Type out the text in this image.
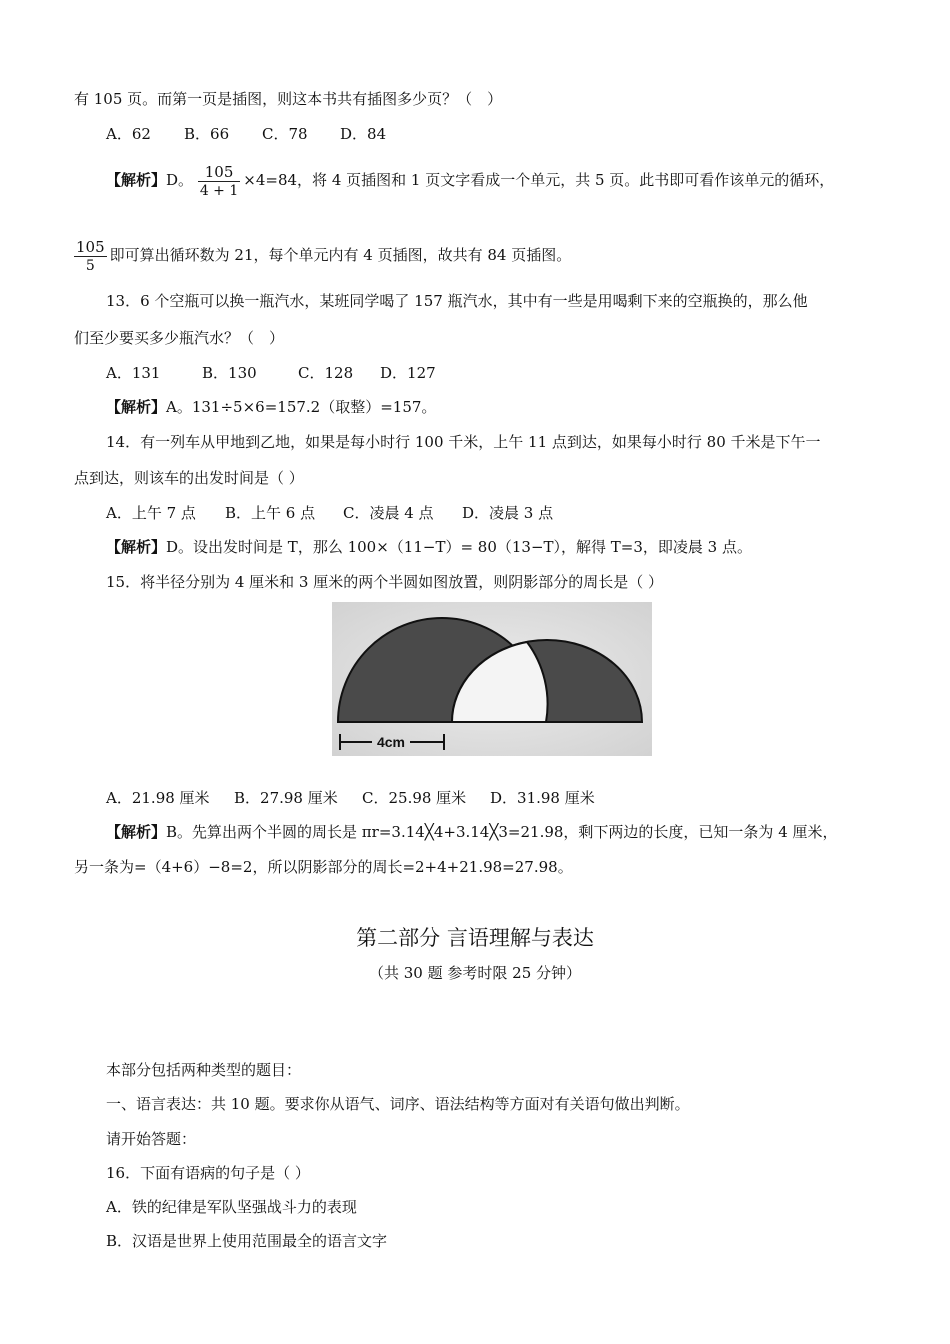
有 105 页。而第一页是插图，则这本书共有插图多少页？（　）
A．62 B．66 C．78 D．84
【解析】D。 $\frac{105}{4 + 1} \times 4=84$，将 4 页插图和 1 页文字看成一个单元，共 5 页。此书即可看作该单元的循环，
$\frac{105}{5}$ 即可算出循环数为 21，每个单元内有 4 页插图，故共有 84 页插图。
13．6 个空瓶可以换一瓶汽水，某班同学喝了 157 瓶汽水，其中有一些是用喝剩下来的空瓶换的，那么他
们至少要买多少瓶汽水？（　）
A．131	B．130	C．128 D．127
【解析】A。131÷5×6=157.2（取整）=157。
14．有一列车从甲地到乙地，如果是每小时行 100 千米，上午 11 点到达，如果每小时行 80 千米是下午一
点到达，则该车的出发时间是（ ）
A．上午 7 点 B．上午 6 点 C．凌晨 4 点 D．凌晨 3 点
【解析】D。设出发时间是 T，那么 100×（11−T）= 80（13−T），解得 T=3，即凌晨 3 点。
15．将半径分别为 4 厘米和 3 厘米的两个半圆如图放置，则阴影部分的周长是（ ）
4cm
A．21.98 厘米 B．27.98 厘米 C．25.98 厘米 D．31.98 厘米
【解析】B。先算出两个半圆的周长是 πr=3.14╳4+3.14╳3=21.98，剩下两边的长度，已知一条为 4 厘米，
另一条为=（4+6）−8=2，所以阴影部分的周长=2+4+21.98=27.98。
第二部分 言语理解与表达
（共 30 题 参考时限 25 分钟）
本部分包括两种类型的题目：
一、语言表达：共 10 题。要求你从语气、词序、语法结构等方面对有关语句做出判断。
请开始答题：
16．下面有语病的句子是（ ）
A．铁的纪律是军队坚强战斗力的表现
B．汉语是世界上使用范围最全的语言文字
